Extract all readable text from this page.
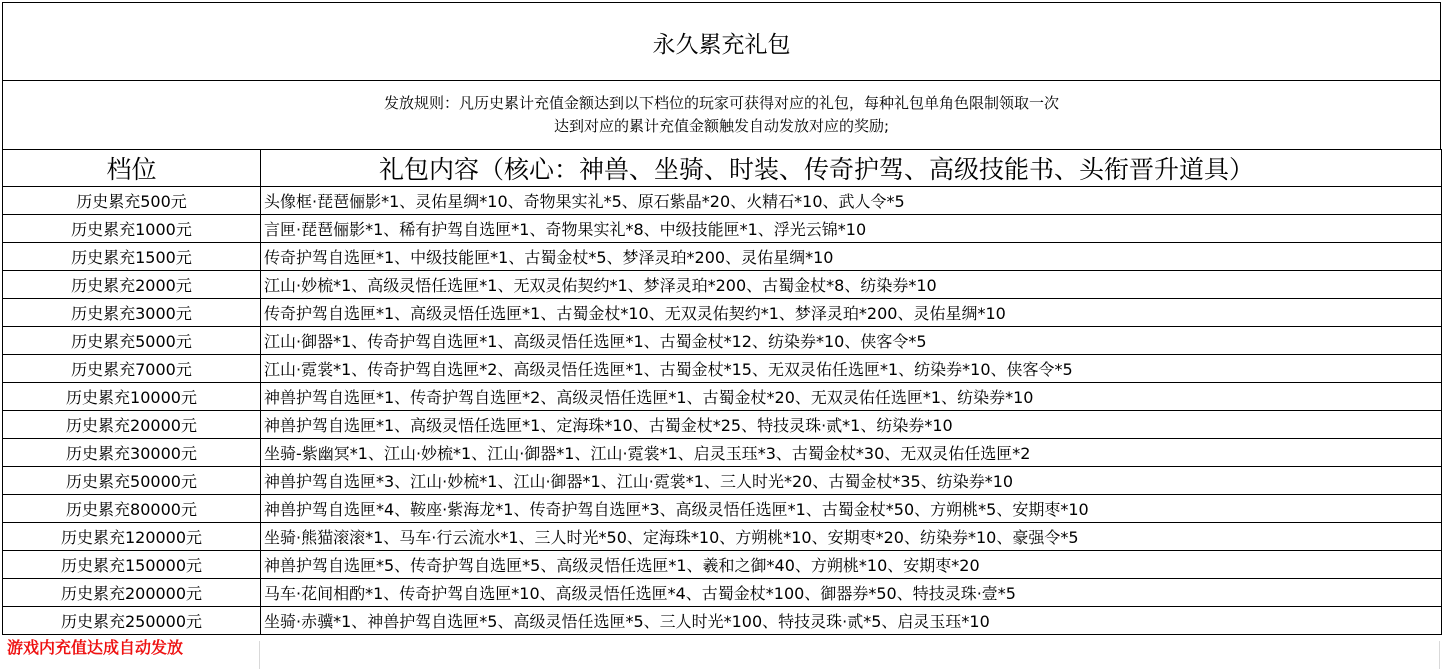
永久累充礼包
发放规则：凡历史累计充值金额达到以下档位的玩家可获得对应的礼包，每种礼包单角色限制领取一次
达到对应的累计充值金额触发自动发放对应的奖励;
档位	礼包内容（核心：神兽、坐骑、时装、传奇护驾、高级技能书、头衔晋升道具）
历史累充500元	头像框·琵琶俪影*1、灵佑星绸*10、奇物果实礼*5、原石紫晶*20、火精石*10、武人令*5
历史累充1000元	言匣·琵琶俪影*1、稀有护驾自选匣*1、奇物果实礼*8、中级技能匣*1、浮光云锦*10
历史累充1500元	传奇护驾自选匣*1、中级技能匣*1、古蜀金杖*5、梦泽灵珀*200、灵佑星绸*10
历史累充2000元	江山·妙梳*1、高级灵悟任选匣*1、无双灵佑契约*1、梦泽灵珀*200、古蜀金杖*8、纺染券*10
历史累充3000元	传奇护驾自选匣*1、高级灵悟任选匣*1、古蜀金杖*10、无双灵佑契约*1、梦泽灵珀*200、灵佑星绸*10
历史累充5000元	江山·御器*1、传奇护驾自选匣*1、高级灵悟任选匣*1、古蜀金杖*12、纺染券*10、侠客令*5
历史累充7000元	江山·霓裳*1、传奇护驾自选匣*2、高级灵悟任选匣*1、古蜀金杖*15、无双灵佑任选匣*1、纺染券*10、侠客令*5
历史累充10000元	神兽护驾自选匣*1、传奇护驾自选匣*2、高级灵悟任选匣*1、古蜀金杖*20、无双灵佑任选匣*1、纺染券*10
历史累充20000元	神兽护驾自选匣*1、高级灵悟任选匣*1、定海珠*10、古蜀金杖*25、特技灵珠·贰*1、纺染券*10
历史累充30000元	坐骑-紫幽冥*1、江山·妙梳*1、江山·御器*1、江山·霓裳*1、启灵玉珏*3、古蜀金杖*30、无双灵佑任选匣*2
历史累充50000元	神兽护驾自选匣*3、江山·妙梳*1、江山·御器*1、江山·霓裳*1、三人时光*20、古蜀金杖*35、纺染券*10
历史累充80000元	神兽护驾自选匣*4、鞍座·紫海龙*1、传奇护驾自选匣*3、高级灵悟任选匣*1、古蜀金杖*50、方朔桃*5、安期枣*10
历史累充120000元	坐骑·熊猫滚滚*1、马车·行云流水*1、三人时光*50、定海珠*10、方朔桃*10、安期枣*20、纺染券*10、豪强令*5
历史累充150000元	神兽护驾自选匣*5、传奇护驾自选匣*5、高级灵悟任选匣*1、羲和之御*40、方朔桃*10、安期枣*20
历史累充200000元	马车·花间相酌*1、传奇护驾自选匣*10、高级灵悟任选匣*4、古蜀金杖*100、御器券*50、特技灵珠·壹*5
历史累充250000元	坐骑·赤骥*1、神兽护驾自选匣*5、高级灵悟任选匣*5、三人时光*100、特技灵珠·贰*5、启灵玉珏*10
游戏内充值达成自动发放
